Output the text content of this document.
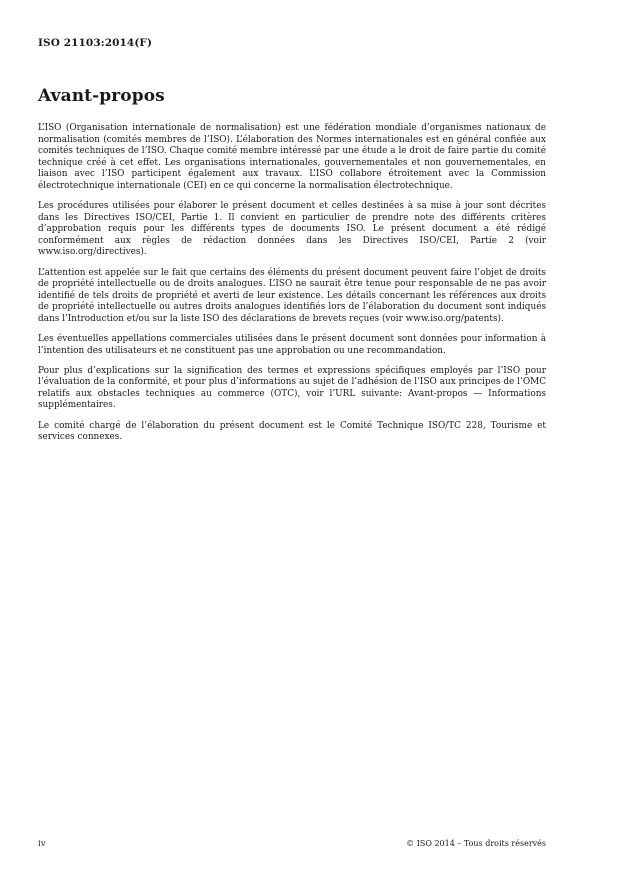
ISO 21103:2014(F)
Avant-propos

L’ISO (Organisation internationale de normalisation) est une fédération mondiale d’organismes nationaux de normalisation (comités membres de l’ISO). L’élaboration des Normes internationales est en général confiée aux comités techniques de l’ISO. Chaque comité membre intéressé par une étude a le droit de faire partie du comité technique créé à cet effet. Les organisations internationales, gouvernementales et non gouvernementales, en liaison avec l’ISO participent également aux travaux. L’ISO collabore étroitement avec la Commission électrotechnique internationale (CEI) en ce qui concerne la normalisation électrotechnique.

Les procédures utilisées pour élaborer le présent document et celles destinées à sa mise à jour sont décrites dans les Directives ISO/CEI, Partie 1. Il convient en particulier de prendre note des différents critères d’approbation requis pour les différents types de documents ISO. Le présent document a été rédigé conformément aux règles de rédaction données dans les Directives ISO/CEI, Partie 2 (voir www.iso.org/directives).

L’attention est appelée sur le fait que certains des éléments du présent document peuvent faire l’objet de droits de propriété intellectuelle ou de droits analogues. L’ISO ne saurait être tenue pour responsable de ne pas avoir identifié de tels droits de propriété et averti de leur existence. Les détails concernant les références aux droits de propriété intellectuelle ou autres droits analogues identifiés lors de l’élaboration du document sont indiqués dans l’Introduction et/ou sur la liste ISO des déclarations de brevets reçues (voir www.iso.org/patents).

Les éventuelles appellations commerciales utilisées dans le présent document sont données pour information à l’intention des utilisateurs et ne constituent pas une approbation ou une recommandation.

Pour plus d’explications sur la signification des termes et expressions spécifiques employés par l’ISO pour l’évaluation de la conformité, et pour plus d’informations au sujet de l’adhésion de l’ISO aux principes de l’OMC relatifs aux obstacles techniques au commerce (OTC), voir l’URL suivante: Avant-propos — Informations supplémentaires.

Le comité chargé de l’élaboration du présent document est le Comité Technique ISO/TC 228, Tourisme et services connexes.

iv	© ISO 2014 – Tous droits réservés
